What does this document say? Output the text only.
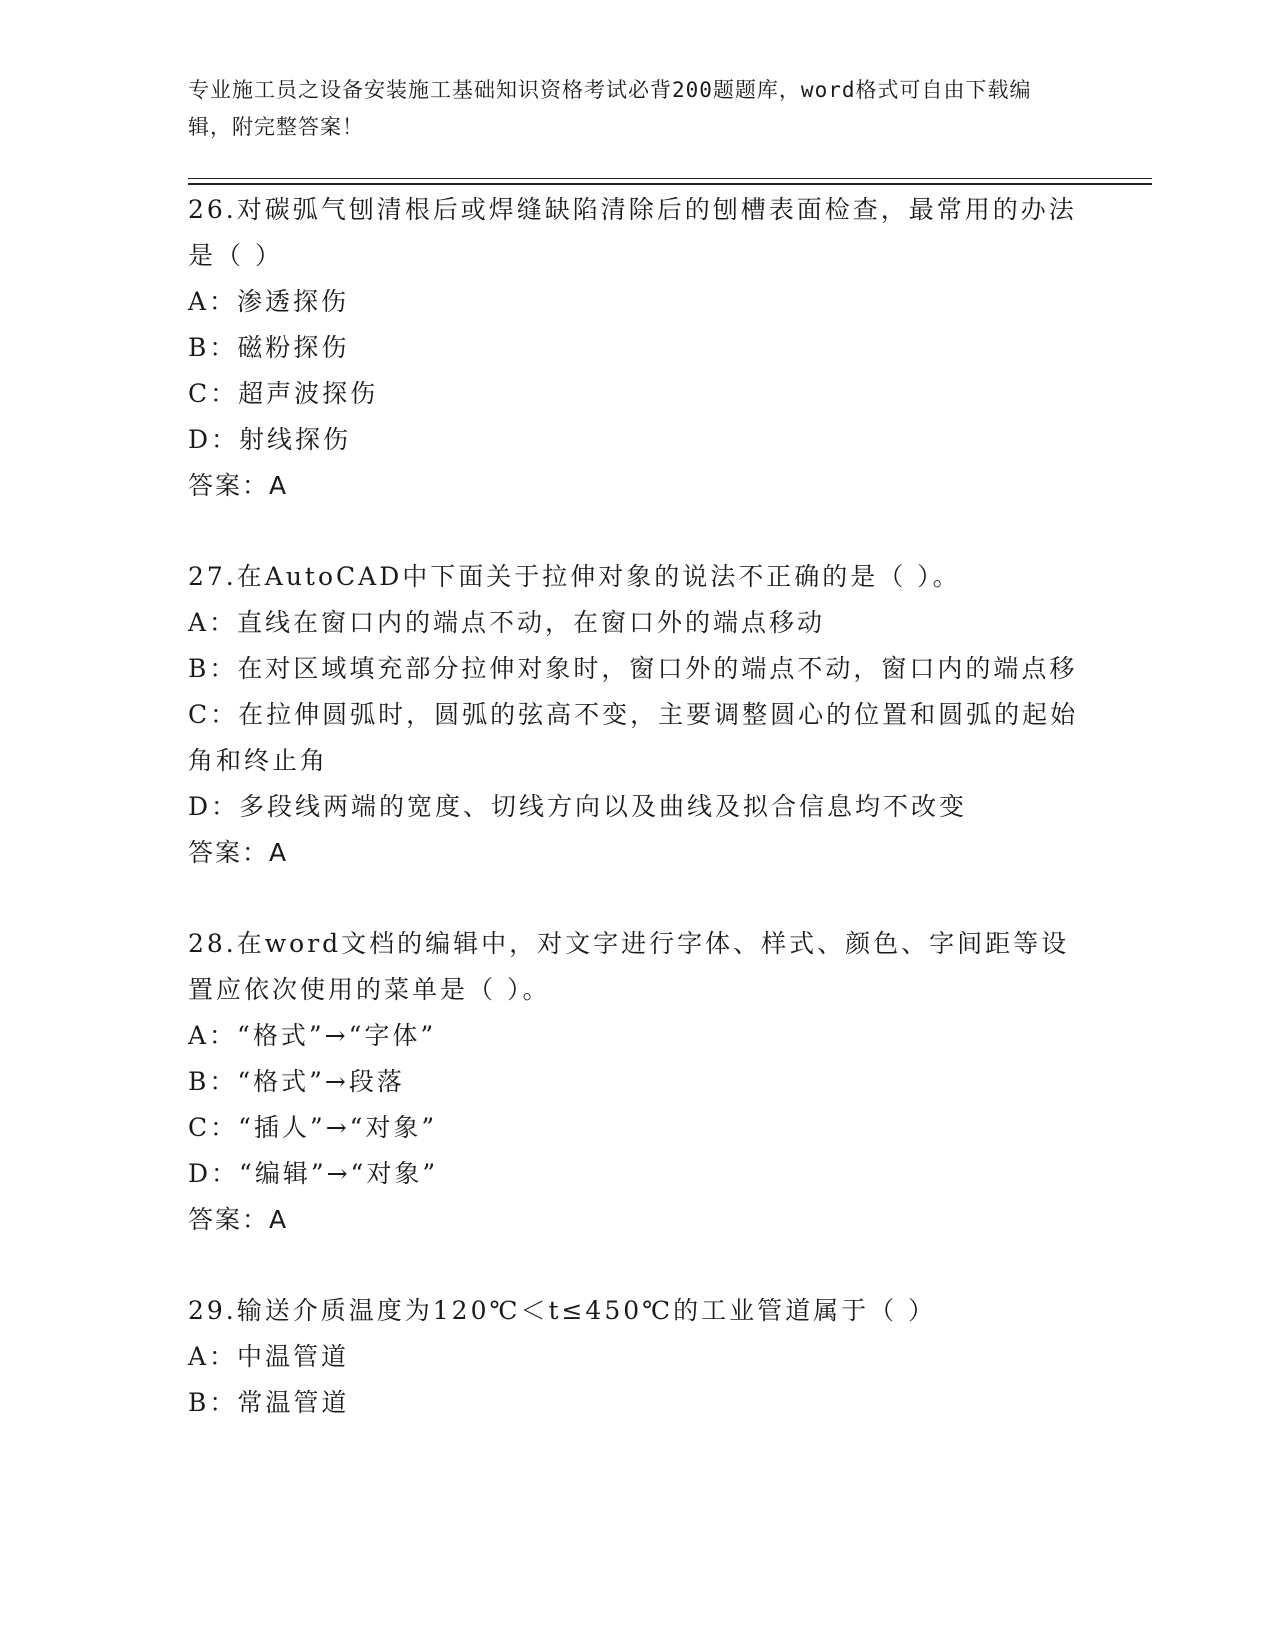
专业施工员之设备安装施工基础知识资格考试必背200题题库，word格式可自由下载编辑，附完整答案！
26.对碳弧气刨清根后或焊缝缺陷清除后的刨槽表面检查，最常用的办法是（ ）
A：渗透探伤
B：磁粉探伤
C：超声波探伤
D：射线探伤
答案：A
27.在AutoCAD中下面关于拉伸对象的说法不正确的是（ ）。
A：直线在窗口内的端点不动，在窗口外的端点移动
B：在对区域填充部分拉伸对象时，窗口外的端点不动，窗口内的端点移
C：在拉伸圆弧时，圆弧的弦高不变，主要调整圆心的位置和圆弧的起始角和终止角
D：多段线两端的宽度、切线方向以及曲线及拟合信息均不改变
答案：A
28.在word文档的编辑中，对文字进行字体、样式、颜色、字间距等设置应依次使用的菜单是（ ）。
A：“格式”→“字体”
B：“格式”→段落
C：“插人”→“对象”
D：“编辑”→“对象”
答案：A
29.输送介质温度为120℃＜t≤450℃的工业管道属于（ ）
A：中温管道
B：常温管道
